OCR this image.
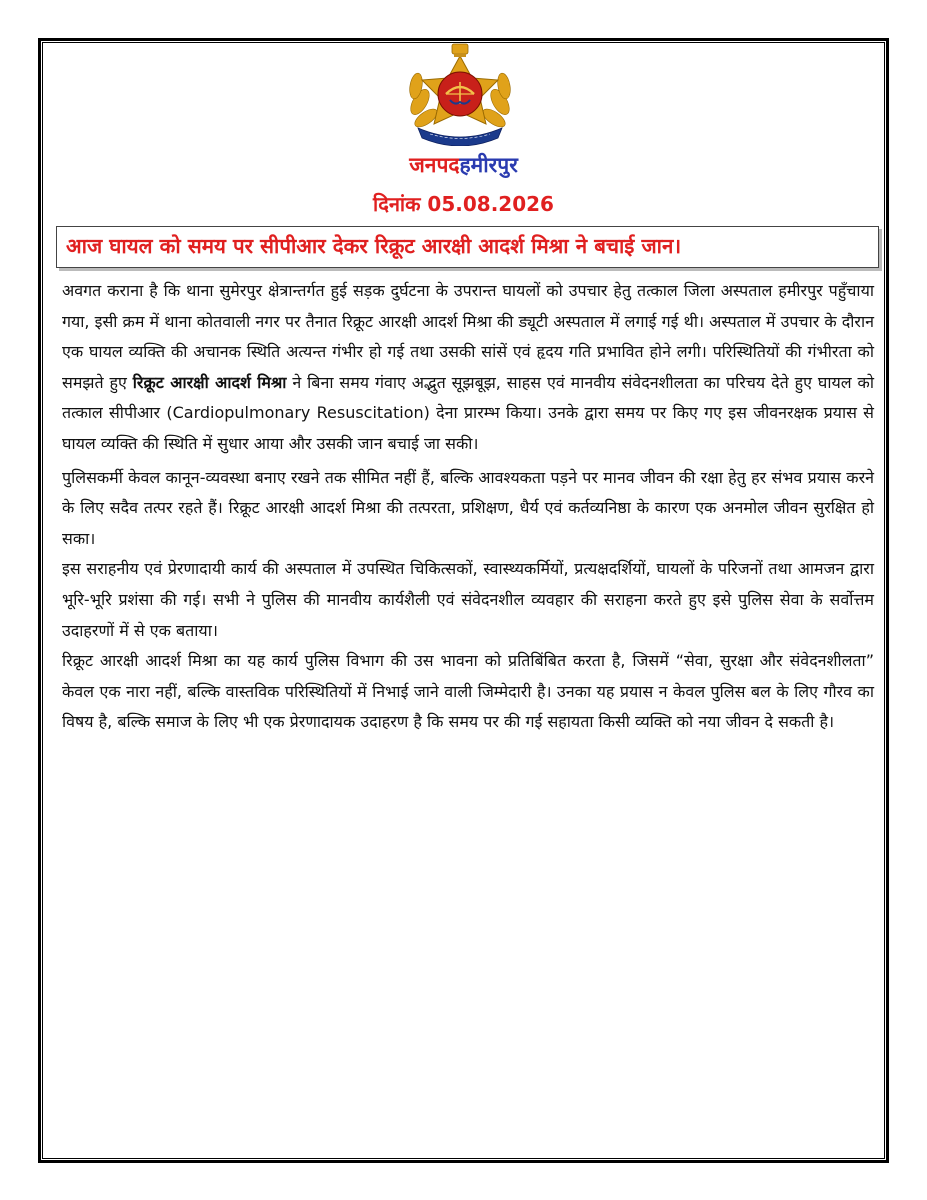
जनपदहमीरपुर
दिनांक 05.08.2026
आज घायल को समय पर सीपीआर देकर रिक्रूट आरक्षी आदर्श मिश्रा ने बचाई जान।

अवगत कराना है कि थाना सुमेरपुर क्षेत्रान्तर्गत हुई सड़क दुर्घटना के उपरान्त घायलों को उपचार हेतु तत्काल जिला अस्पताल हमीरपुर पहुँचाया गया, इसी क्रम में थाना कोतवाली नगर पर तैनात रिक्रूट आरक्षी आदर्श मिश्रा की ड्यूटी अस्पताल में लगाई गई थी। अस्पताल में उपचार के दौरान एक घायल व्यक्ति की अचानक स्थिति अत्यन्त गंभीर हो गई तथा उसकी सांसें एवं हृदय गति प्रभावित होने लगी। परिस्थितियों की गंभीरता को समझते हुए रिक्रूट आरक्षी आदर्श मिश्रा ने बिना समय गंवाए अद्भुत सूझबूझ, साहस एवं मानवीय संवेदनशीलता का परिचय देते हुए घायल को तत्काल सीपीआर (Cardiopulmonary Resuscitation) देना प्रारम्भ किया। उनके द्वारा समय पर किए गए इस जीवनरक्षक प्रयास से घायल व्यक्ति की स्थिति में सुधार आया और उसकी जान बचाई जा सकी।

पुलिसकर्मी केवल कानून-व्यवस्था बनाए रखने तक सीमित नहीं हैं, बल्कि आवश्यकता पड़ने पर मानव जीवन की रक्षा हेतु हर संभव प्रयास करने के लिए सदैव तत्पर रहते हैं। रिक्रूट आरक्षी आदर्श मिश्रा की तत्परता, प्रशिक्षण, धैर्य एवं कर्तव्यनिष्ठा के कारण एक अनमोल जीवन सुरक्षित हो सका।

इस सराहनीय एवं प्रेरणादायी कार्य की अस्पताल में उपस्थित चिकित्सकों, स्वास्थ्यकर्मियों, प्रत्यक्षदर्शियों, घायलों के परिजनों तथा आमजन द्वारा भूरि-भूरि प्रशंसा की गई। सभी ने पुलिस की मानवीय कार्यशैली एवं संवेदनशील व्यवहार की सराहना करते हुए इसे पुलिस सेवा के सर्वोत्तम उदाहरणों में से एक बताया।

रिक्रूट आरक्षी आदर्श मिश्रा का यह कार्य पुलिस विभाग की उस भावना को प्रतिबिंबित करता है, जिसमें “सेवा, सुरक्षा और संवेदनशीलता” केवल एक नारा नहीं, बल्कि वास्तविक परिस्थितियों में निभाई जाने वाली जिम्मेदारी है। उनका यह प्रयास न केवल पुलिस बल के लिए गौरव का विषय है, बल्कि समाज के लिए भी एक प्रेरणादायक उदाहरण है कि समय पर की गई सहायता किसी व्यक्ति को नया जीवन दे सकती है।
